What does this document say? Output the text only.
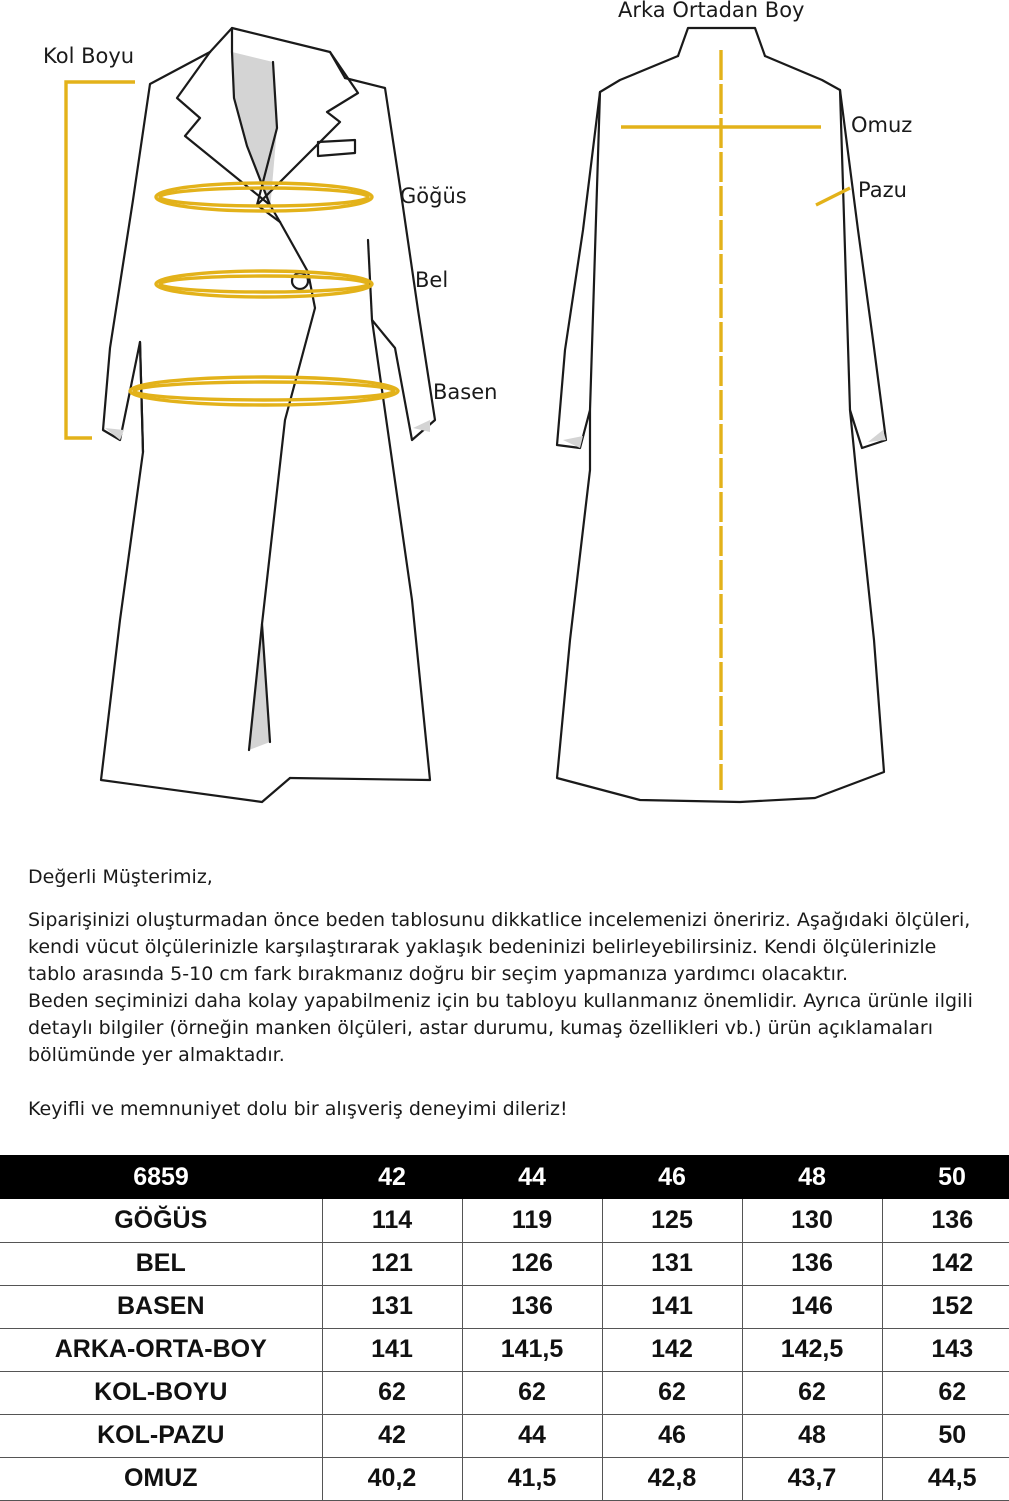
Kol Boyu
Göğüs
Bel
Basen
Arka Ortadan Boy
Omuz
Pazu

Değerli Müşterimiz,

Siparişinizi oluşturmadan önce beden tablosunu dikkatlice incelemenizi öneririz. Aşağıdaki ölçüleri, kendi vücut ölçülerinizle karşılaştırarak yaklaşık bedeninizi belirleyebilirsiniz. Kendi ölçülerinizle tablo arasında 5-10 cm fark bırakmanız doğru bir seçim yapmanıza yardımcı olacaktır.

Beden seçiminizi daha kolay yapabilmeniz için bu tabloyu kullanmanız önemlidir. Ayrıca ürünle ilgili detaylı bilgiler (örneğin manken ölçüleri, astar durumu, kumaş özellikleri vb.) ürün açıklamaları bölümünde yer almaktadır.

Keyifli ve memnuniyet dolu bir alışveriş deneyimi dileriz!

6859	42	44	46	48	50
GÖĞÜS	114	119	125	130	136
BEL	121	126	131	136	142
BASEN	131	136	141	146	152
ARKA-ORTA-BOY	141	141,5	142	142,5	143
KOL-BOYU	62	62	62	62	62
KOL-PAZU	42	44	46	48	50
OMUZ	40,2	41,5	42,8	43,7	44,5
